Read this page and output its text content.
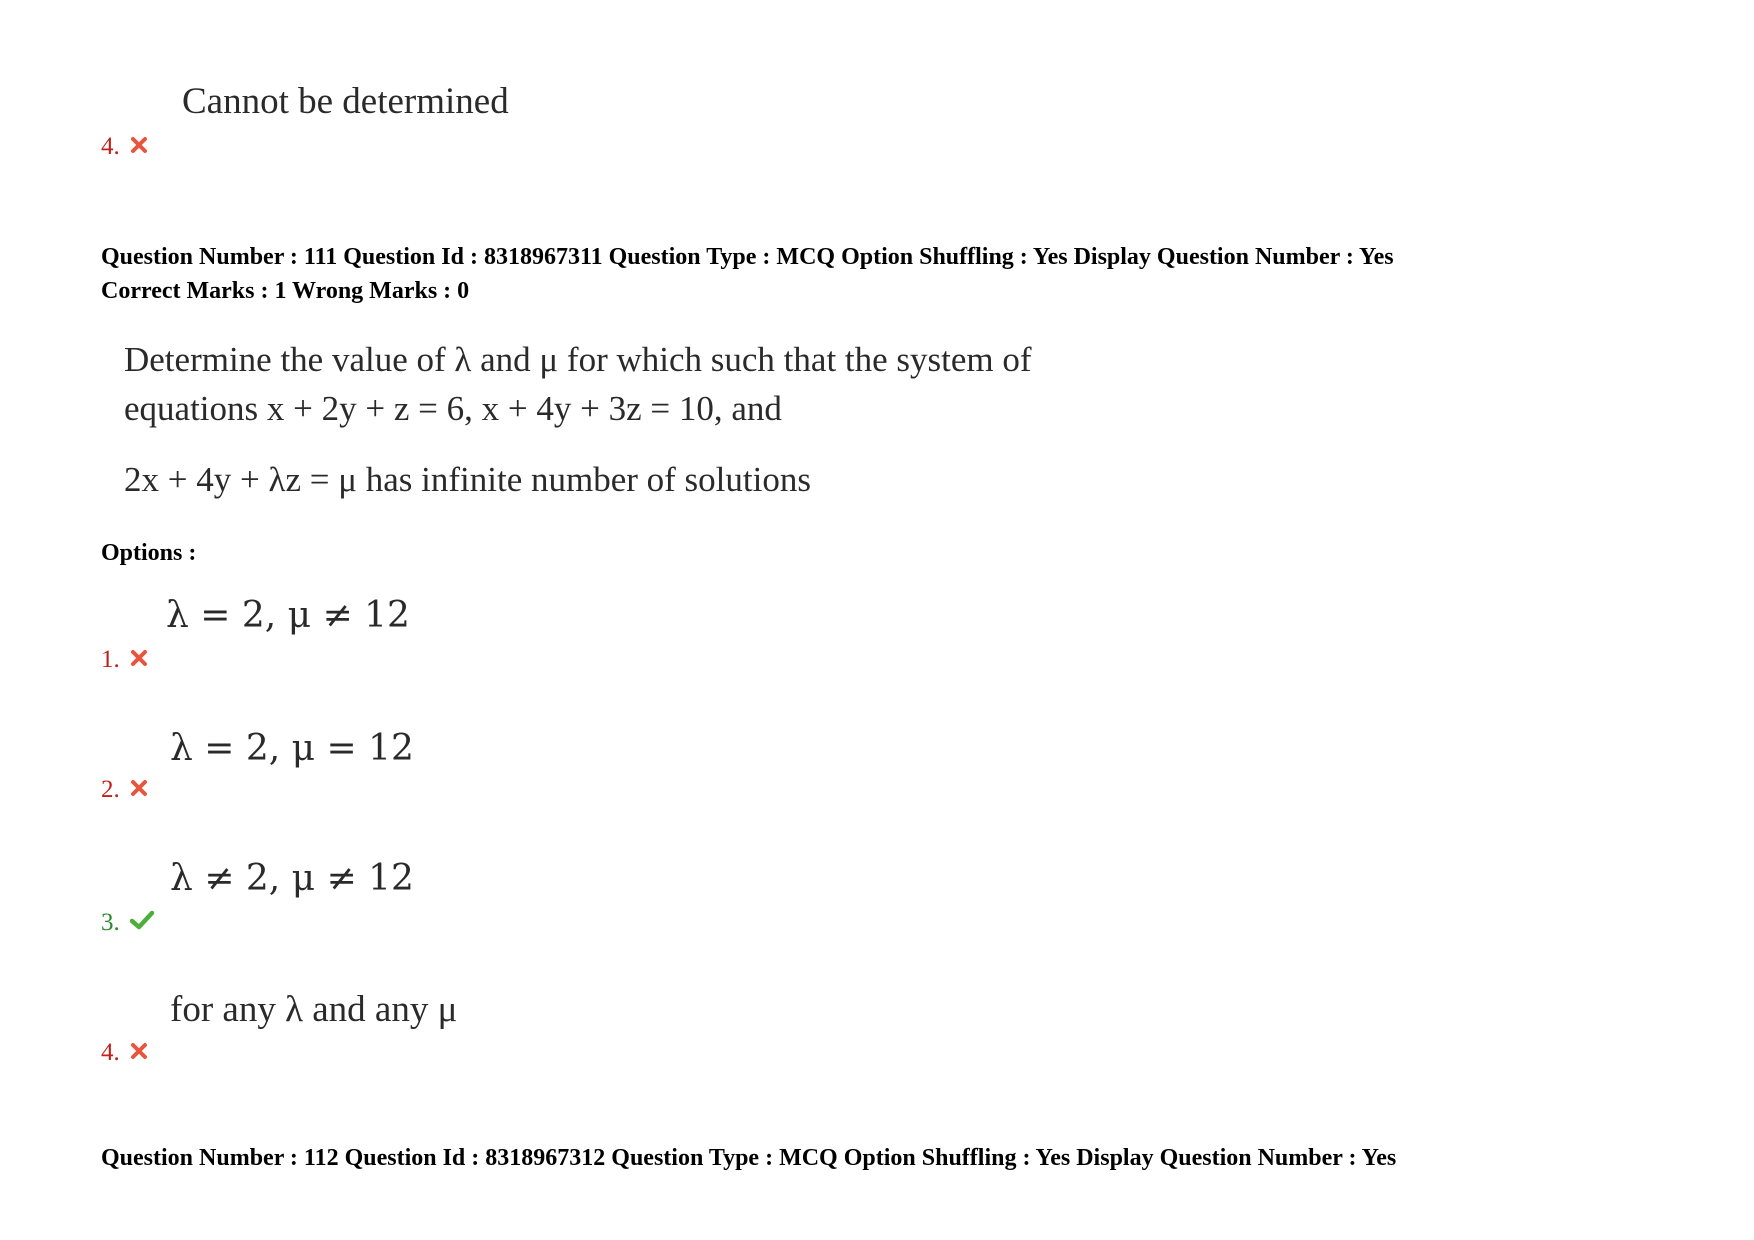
Cannot be determined
4.
Question Number : 111 Question Id : 8318967311 Question Type : MCQ Option Shuffling : Yes Display Question Number : Yes
Correct Marks : 1 Wrong Marks : 0
Determine the value of λ and μ for which such that the system of
equations x + 2y + z = 6, x + 4y + 3z = 10, and
2x + 4y + λz = μ has infinite number of solutions
Options :
λ = 2, μ ≠ 12
1.
λ = 2, μ = 12
2.
λ ≠ 2, μ ≠ 12
3.
for any λ and any μ
4.
Question Number : 112 Question Id : 8318967312 Question Type : MCQ Option Shuffling : Yes Display Question Number : Yes
